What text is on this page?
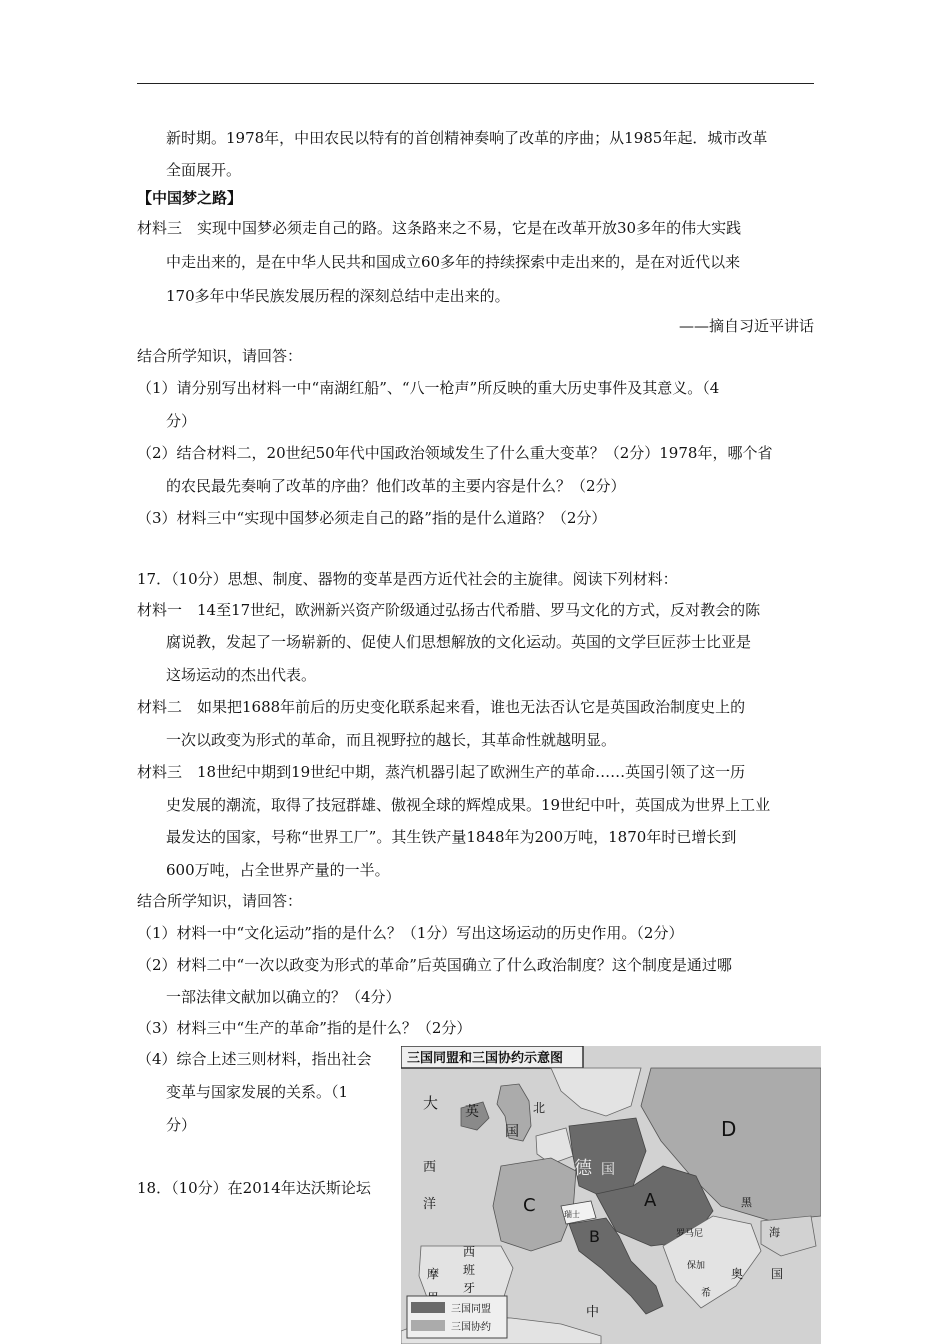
新时期。1978年，中田农民以特有的首创精神奏响了改革的序曲；从1985年起．城市改革
全面展开。
【中国梦之路】
材料三　实现中国梦必须走自己的路。这条路来之不易，它是在改革开放30多年的伟大实践
中走出来的，是在中华人民共和国成立60多年的持续探索中走出来的，是在对近代以来
170多年中华民族发展历程的深刻总结中走出来的。
——摘自习近平讲话
结合所学知识，请回答：
（1）请分别写出材料一中“南湖红船”、“八一枪声”所反映的重大历史事件及其意义。（4
分）
（2）结合材料二，20世纪50年代中国政治领域发生了什么重大变革？（2分）1978年，哪个省
的农民最先奏响了改革的序曲？他们改革的主要内容是什么？（2分）
（3）材料三中“实现中国梦必须走自己的路”指的是什么道路？（2分）
17．（10分）思想、制度、器物的变革是西方近代社会的主旋律。阅读下列材料：
材料一　14至17世纪，欧洲新兴资产阶级通过弘扬古代希腊、罗马文化的方式，反对教会的陈
腐说教，发起了一场崭新的、促使人们思想解放的文化运动。英国的文学巨匠莎士比亚是
这场运动的杰出代表。
材料二　如果把1688年前后的历史变化联系起来看，谁也无法否认它是英国政治制度史上的
一次以政变为形式的革命，而且视野拉的越长，其革命性就越明显。
材料三　18世纪中期到19世纪中期，蒸汽机器引起了欧洲生产的革命……英国引领了这一历
史发展的潮流，取得了技冠群雄、傲视全球的辉煌成果。19世纪中叶，英国成为世界上工业
最发达的国家，号称“世界工厂”。其生铁产量1848年为200万吨，1870年时已增长到
600万吨，占全世界产量的一半。
结合所学知识，请回答：
（1）材料一中“文化运动”指的是什么？（1分）写出这场运动的历史作用。（2分）
（2）材料二中“一次以政变为形式的革命”后英国确立了什么政治制度？这个制度是通过哪
一部法律文献加以确立的？（4分）
（3）材料三中“生产的革命”指的是什么？（2分）
（4）综合上述三则材料，指出社会
变革与国家发展的关系。（1
分）
18．（10分）在2014年达沃斯论坛
三国同盟和三国协约示意图
大
西
洋
英
国
北
德 国
C	A
B
D
瑞士
罗马尼
西
班
牙
摩
中
黑
海
保加
希
奥 国
三国同盟
三国协约
